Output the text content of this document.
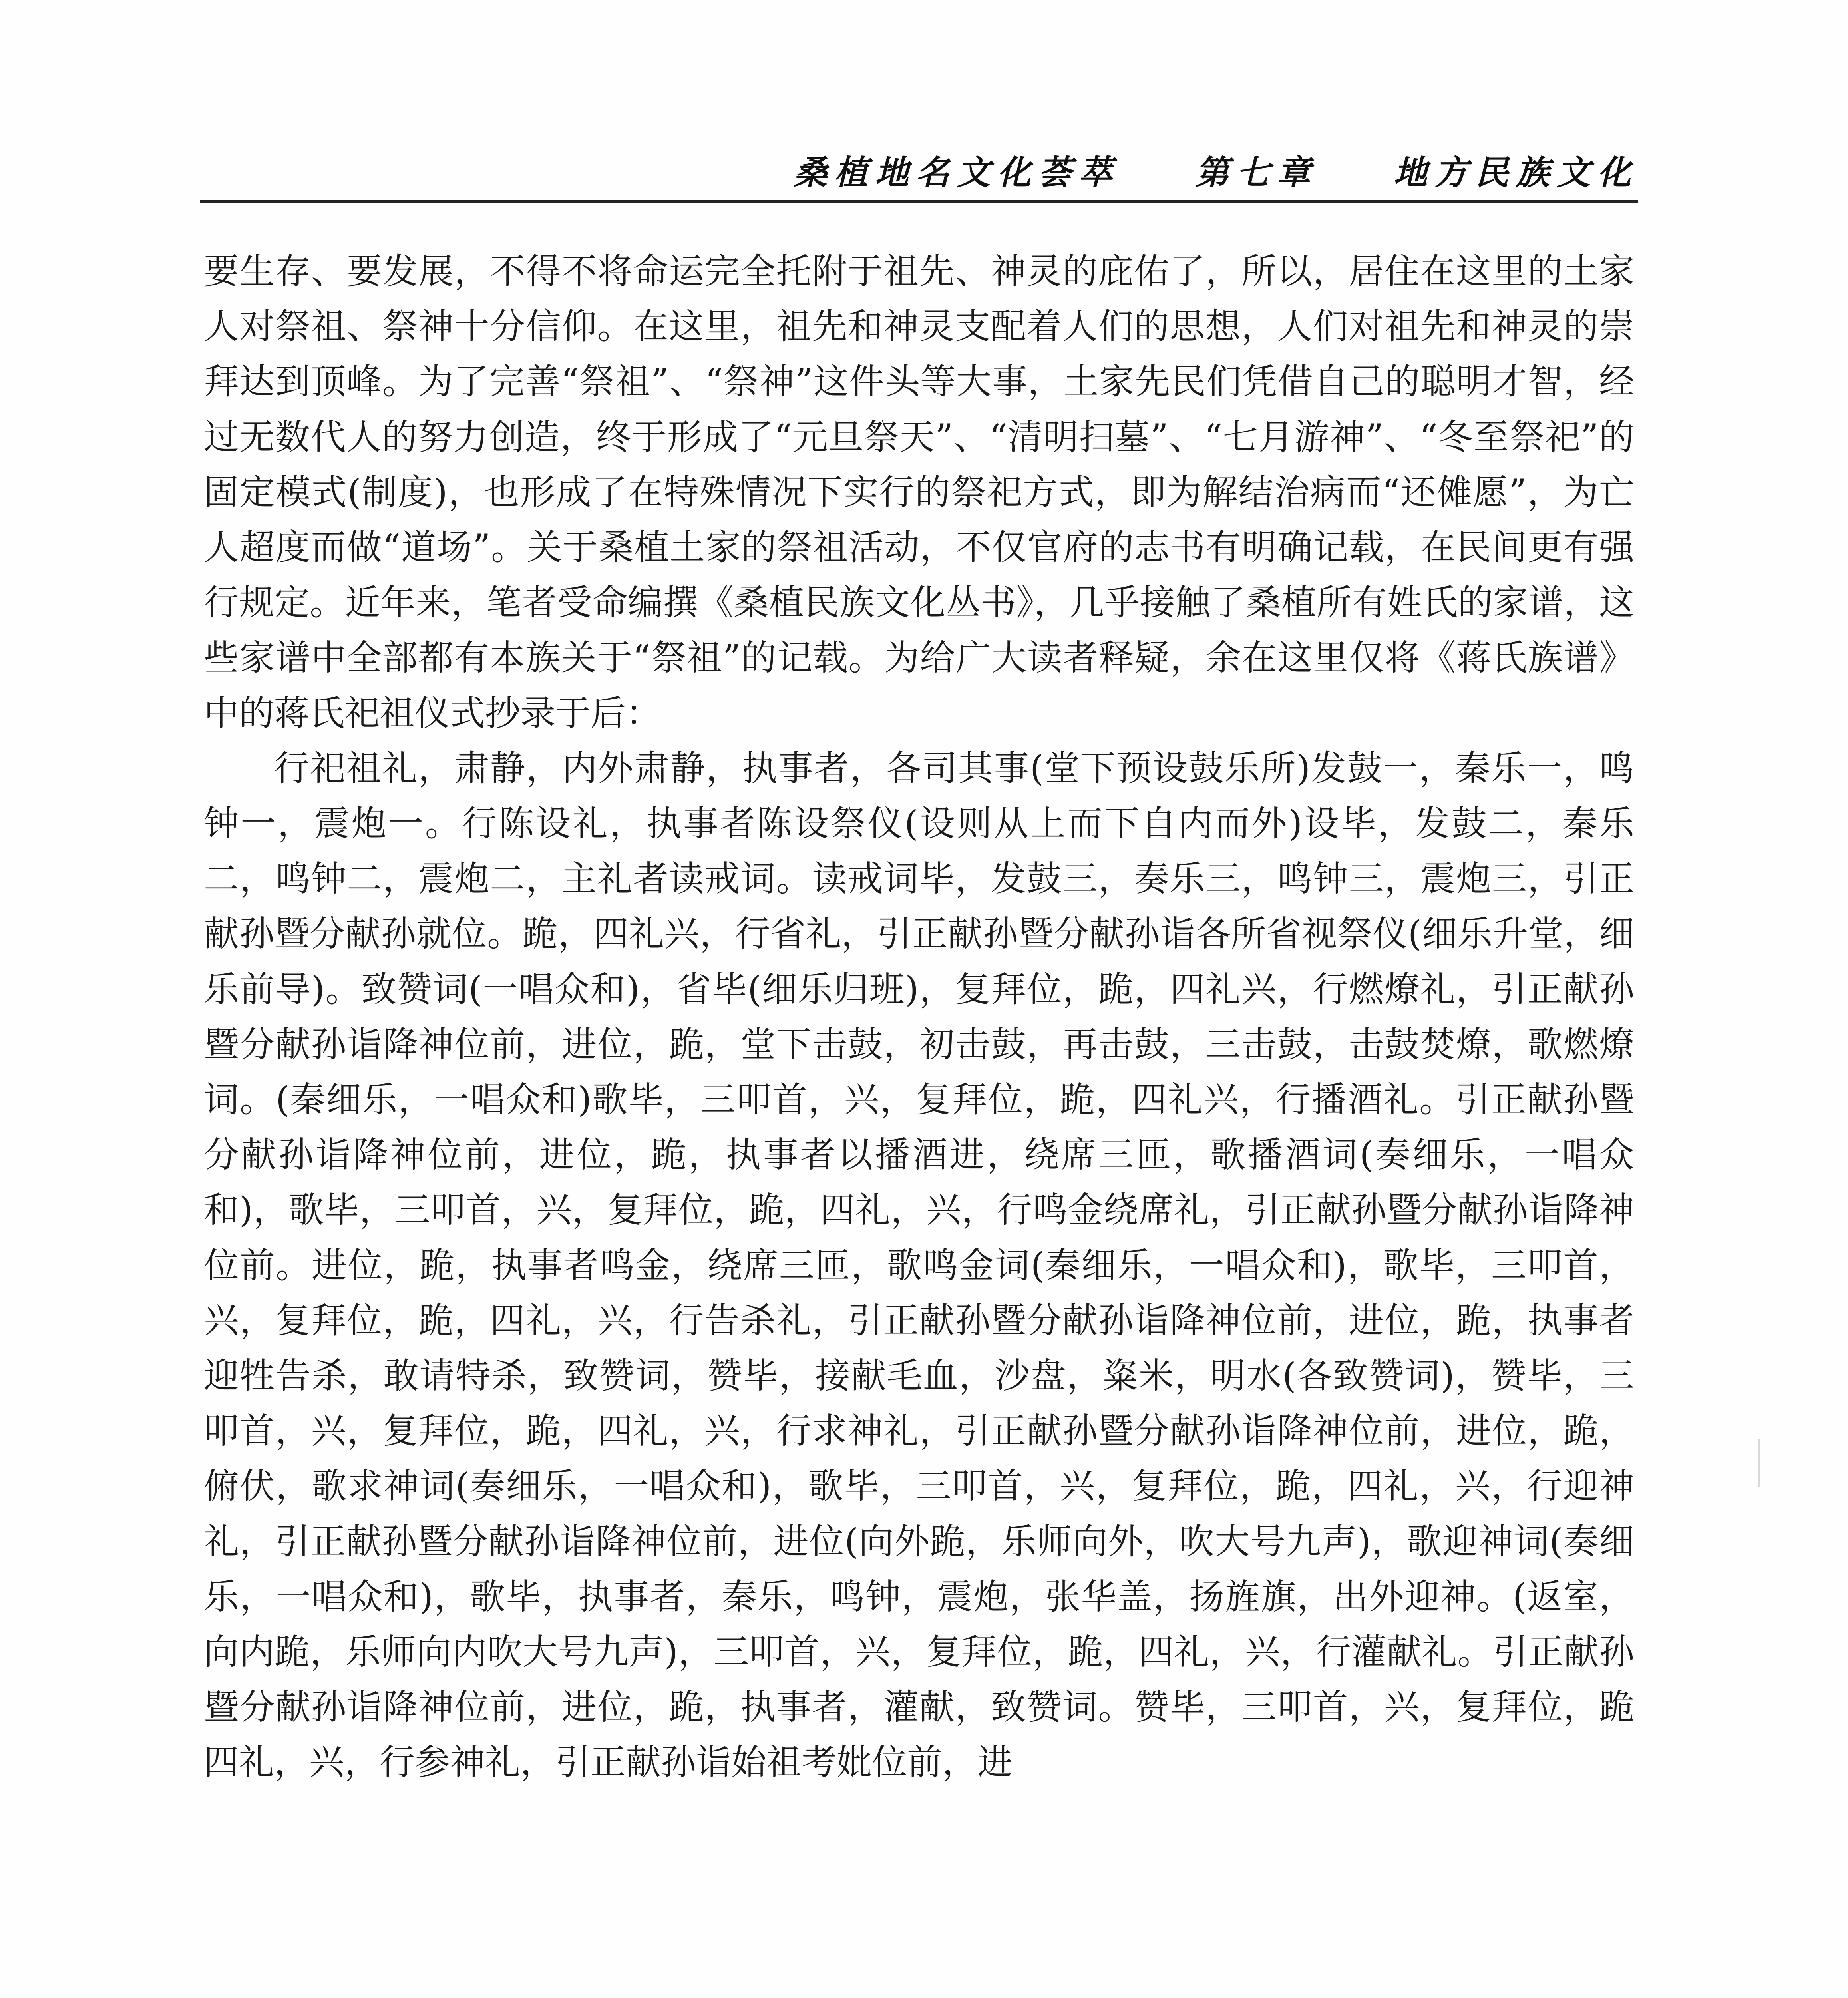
桑植地名文化荟萃 第七章 地方民族文化

要生存、要发展，不得不将命运完全托附于祖先、神灵的庇佑了，所以，居住在这里的土家人对祭祖、祭神十分信仰。在这里，祖先和神灵支配着人们的思想，人们对祖先和神灵的崇拜达到顶峰。为了完善“祭祖”、“祭神”这件头等大事，土家先民们凭借自己的聪明才智，经过无数代人的努力创造，终于形成了“元旦祭天”、“清明扫墓”、“七月游神”、“冬至祭祀”的固定模式(制度)，也形成了在特殊情况下实行的祭祀方式，即为解结治病而“还傩愿”，为亡人超度而做“道场”。关于桑植土家的祭祖活动，不仅官府的志书有明确记载，在民间更有强行规定。近年来，笔者受命编撰《桑植民族文化丛书》，几乎接触了桑植所有姓氏的家谱，这些家谱中全部都有本族关于“祭祖”的记载。为给广大读者释疑，余在这里仅将《蒋氏族谱》中的蒋氏祀祖仪式抄录于后：

行祀祖礼，肃静，内外肃静，执事者，各司其事(堂下预设鼓乐所)发鼓一，秦乐一，鸣钟一，震炮一。行陈设礼，执事者陈设祭仪(设则从上而下自内而外)设毕，发鼓二，秦乐二，鸣钟二，震炮二，主礼者读戒词。读戒词毕，发鼓三，奏乐三，鸣钟三，震炮三，引正献孙暨分献孙就位。跪，四礼兴，行省礼，引正献孙暨分献孙诣各所省视祭仪(细乐升堂，细乐前导)。致赞词(一唱众和)，省毕(细乐归班)，复拜位，跪，四礼兴，行燃燎礼，引正献孙暨分献孙诣降神位前，进位，跪，堂下击鼓，初击鼓，再击鼓，三击鼓，击鼓焚燎，歌燃燎词。(秦细乐，一唱众和)歌毕，三叩首，兴，复拜位，跪，四礼兴，行播酒礼。引正献孙暨分献孙诣降神位前，进位，跪，执事者以播酒进，绕席三匝，歌播酒词(奏细乐，一唱众和)，歌毕，三叩首，兴，复拜位，跪，四礼，兴，行鸣金绕席礼，引正献孙暨分献孙诣降神位前。进位，跪，执事者鸣金，绕席三匝，歌鸣金词(秦细乐，一唱众和)，歌毕，三叩首，兴，复拜位，跪，四礼，兴，行告杀礼，引正献孙暨分献孙诣降神位前，进位，跪，执事者迎牲告杀，敢请特杀，致赞词，赞毕，接献毛血，沙盘，粢米，明水(各致赞词)，赞毕，三叩首，兴，复拜位，跪，四礼，兴，行求神礼，引正献孙暨分献孙诣降神位前，进位，跪，俯伏，歌求神词(奏细乐，一唱众和)，歌毕，三叩首，兴，复拜位，跪，四礼，兴，行迎神礼，引正献孙暨分献孙诣降神位前，进位(向外跪，乐师向外，吹大号九声)，歌迎神词(奏细乐，一唱众和)，歌毕，执事者，秦乐，鸣钟，震炮，张华盖，扬旌旗，出外迎神。(返室，向内跪，乐师向内吹大号九声)，三叩首，兴，复拜位，跪，四礼，兴，行灌献礼。引正献孙暨分献孙诣降神位前，进位，跪，执事者，灌献，致赞词。赞毕，三叩首，兴，复拜位，跪四礼，兴，行参神礼，引正献孙诣始祖考妣位前，进
